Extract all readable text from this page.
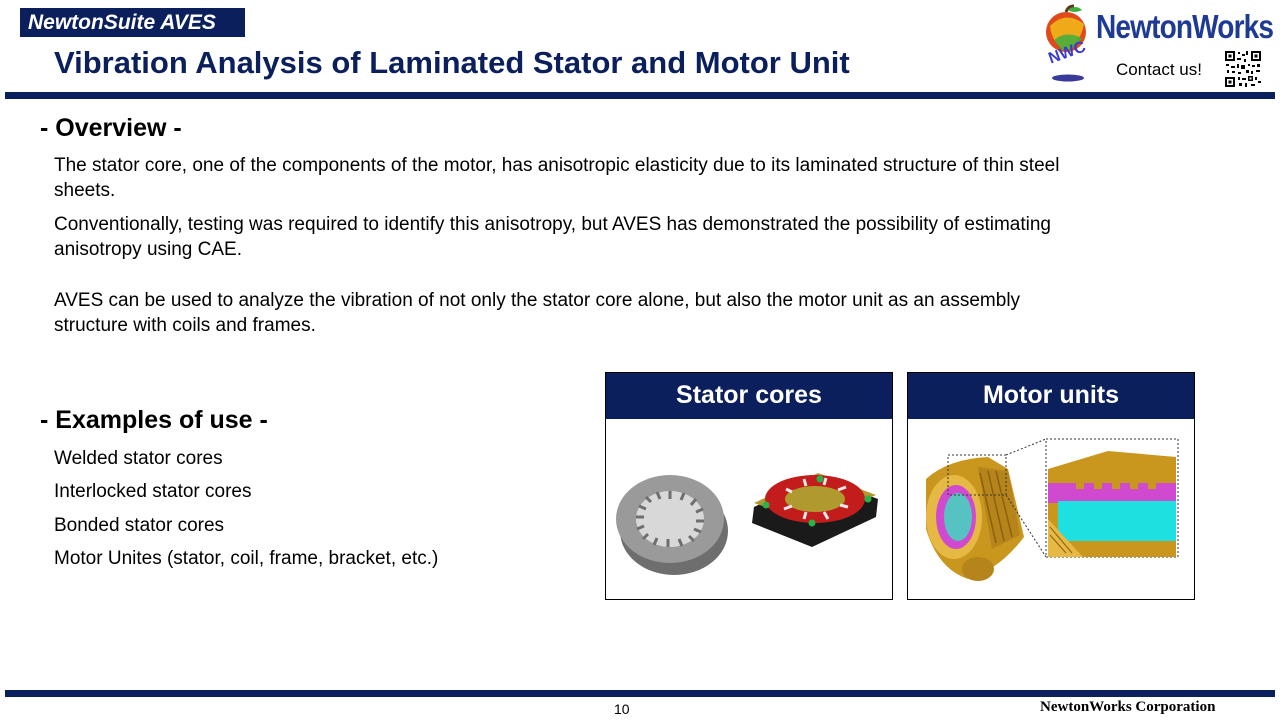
NewtonSuite AVES
Vibration Analysis of Laminated Stator and Motor Unit	NWC
NewtonWorks
Contact us!
- Overview -
The stator core, one of the components of the motor, has anisotropic elasticity due to its laminated structure of thin steel sheets.
Conventionally, testing was required to identify this anisotropy, but AVES has demonstrated the possibility of estimating anisotropy using CAE.
AVES can be used to analyze the vibration of not only the stator core alone, but also the motor unit as an assembly structure with coils and frames.
- Examples of use -
Welded stator cores
Interlocked stator cores
Bonded stator cores
Motor Unites (stator, coil, frame, bracket, etc.)
Stator cores	Motor units
10	NewtonWorks Corporation
